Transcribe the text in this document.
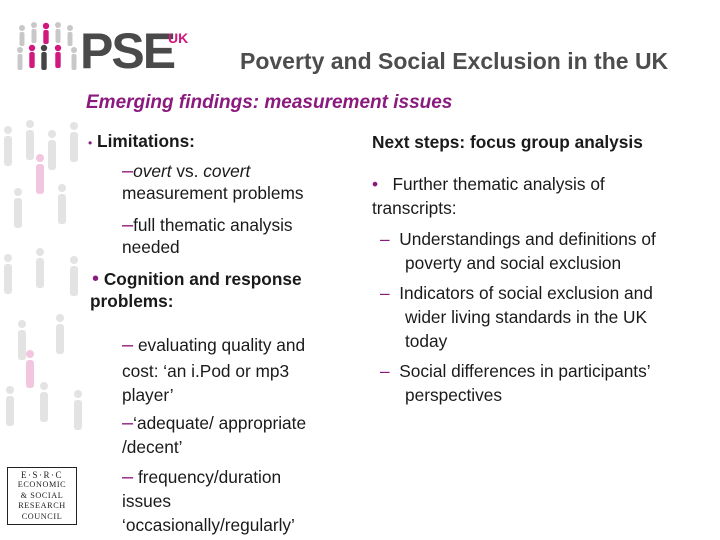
PSE
UK
Poverty and Social Exclusion in the UK
Emerging findings: measurement issues
• Limitations:
–overt vs. covert
measurement problems
–full thematic analysis
needed
• Cognition and response
problems:
– evaluating quality and
cost: ‘an i.Pod or mp3
player’
–‘adequate/ appropriate
/decent’
– frequency/duration
issues
‘occasionally/regularly’
Next steps: focus group analysis
• Further thematic analysis of
transcripts:
– Understandings and definitions of
poverty and social exclusion
– Indicators of social exclusion and
wider living standards in the UK
today
– Social differences in participants’
perspectives
E·S·R·C
ECONOMIC
& SOCIAL
RESEARCH
COUNCIL
